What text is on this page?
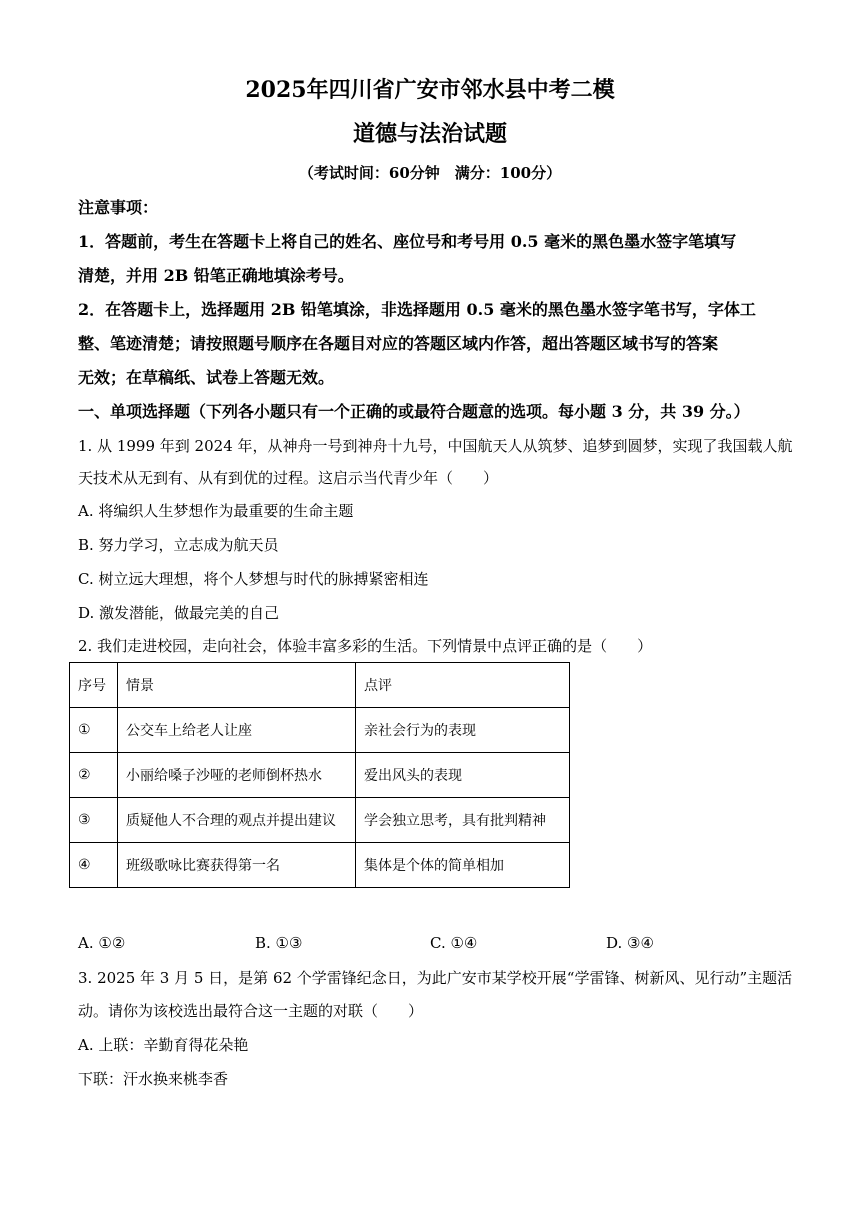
2025年四川省广安市邻水县中考二模
道德与法治试题
（考试时间：60分钟　满分：100分）
注意事项：
1．答题前，考生在答题卡上将自己的姓名、座位号和考号用 0.5 毫米的黑色墨水签字笔填写
清楚，并用 2B 铅笔正确地填涂考号。
2．在答题卡上，选择题用 2B 铅笔填涂，非选择题用 0.5 毫米的黑色墨水签字笔书写，字体工
整、笔迹清楚；请按照题号顺序在各题目对应的答题区域内作答，超出答题区域书写的答案
无效；在草稿纸、试卷上答题无效。
一、单项选择题（下列各小题只有一个正确的或最符合题意的选项。每小题 3 分，共 39 分。）
1. 从 1999 年到 2024 年，从神舟一号到神舟十九号，中国航天人从筑梦、追梦到圆梦，实现了我国载人航
天技术从无到有、从有到优的过程。这启示当代青少年（　　）
A. 将编织人生梦想作为最重要的生命主题
B. 努力学习，立志成为航天员
C. 树立远大理想，将个人梦想与时代的脉搏紧密相连
D. 激发潜能，做最完美的自己
2. 我们走进校园，走向社会，体验丰富多彩的生活。下列情景中点评正确的是（　　）
序号	情景	点评
①	公交车上给老人让座	亲社会行为的表现
②	小丽给嗓子沙哑的老师倒杯热水	爱出风头的表现
③	质疑他人不合理的观点并提出建议	学会独立思考，具有批判精神
④	班级歌咏比赛获得第一名	集体是个体的简单相加
A. ①②	B. ①③	C. ①④	D. ③④
3. 2025 年 3 月 5 日，是第 62 个学雷锋纪念日，为此广安市某学校开展“学雷锋、树新风、见行动”主题活
动。请你为该校选出最符合这一主题的对联（　　）
A. 上联：辛勤育得花朵艳
下联：汗水换来桃李香
